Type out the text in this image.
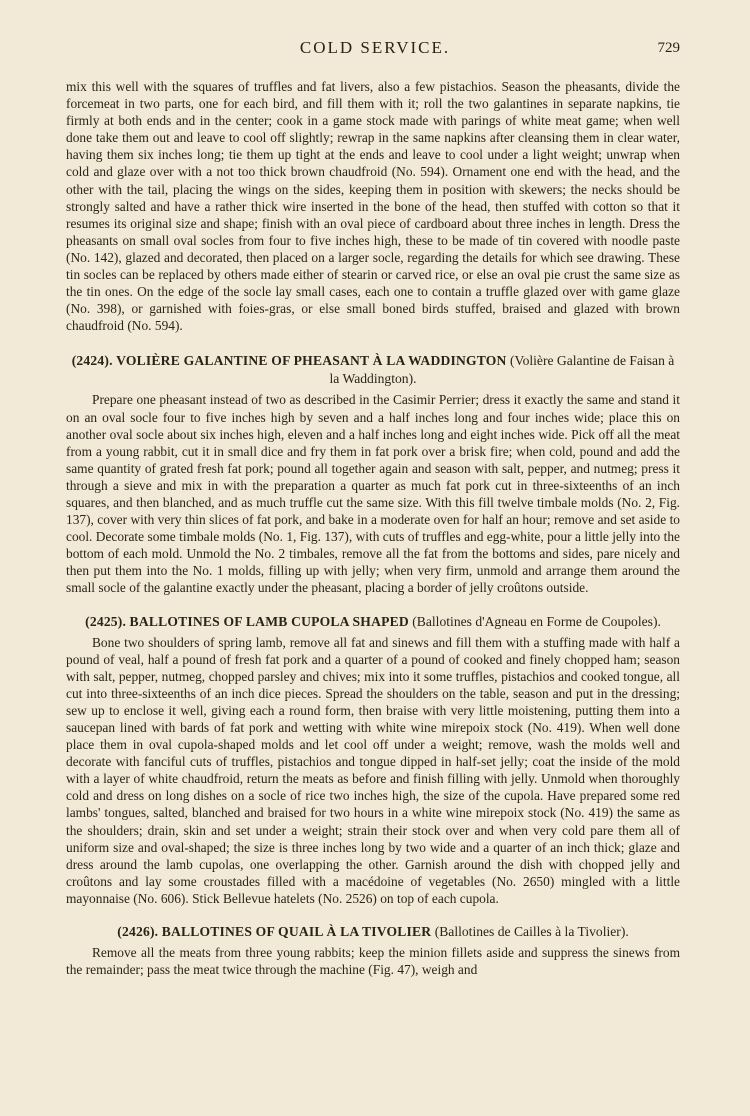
COLD SERVICE.	729

mix this well with the squares of truffles and fat livers, also a few pistachios. Season the pheasants, divide the forcemeat in two parts, one for each bird, and fill them with it; roll the two galantines in separate napkins, tie firmly at both ends and in the center; cook in a game stock made with parings of white meat game; when well done take them out and leave to cool off slightly; rewrap in the same napkins after cleansing them in clear water, having them six inches long; tie them up tight at the ends and leave to cool under a light weight; unwrap when cold and glaze over with a not too thick brown chaudfroid (No. 594). Ornament one end with the head, and the other with the tail, placing the wings on the sides, keeping them in position with skewers; the necks should be strongly salted and have a rather thick wire inserted in the bone of the head, then stuffed with cotton so that it resumes its original size and shape; finish with an oval piece of cardboard about three inches in length. Dress the pheasants on small oval socles from four to five inches high, these to be made of tin covered with noodle paste (No. 142), glazed and decorated, then placed on a larger socle, regarding the details for which see drawing. These tin socles can be replaced by others made either of stearin or carved rice, or else an oval pie crust the same size as the tin ones. On the edge of the socle lay small cases, each one to contain a truffle glazed over with game glaze (No. 398), or garnished with foies-gras, or else small boned birds stuffed, braised and glazed with brown chaudfroid (No. 594).

(2424). VOLIÈRE GALANTINE OF PHEASANT À LA WADDINGTON (Volière Galantine de Faisan à la Waddington).

Prepare one pheasant instead of two as described in the Casimir Perrier; dress it exactly the same and stand it on an oval socle four to five inches high by seven and a half inches long and four inches wide; place this on another oval socle about six inches high, eleven and a half inches long and eight inches wide. Pick off all the meat from a young rabbit, cut it in small dice and fry them in fat pork over a brisk fire; when cold, pound and add the same quantity of grated fresh fat pork; pound all together again and season with salt, pepper, and nutmeg; press it through a sieve and mix in with the preparation a quarter as much fat pork cut in three-sixteenths of an inch squares, and then blanched, and as much truffle cut the same size. With this fill twelve timbale molds (No. 2, Fig. 137), cover with very thin slices of fat pork, and bake in a moderate oven for half an hour; remove and set aside to cool. Decorate some timbale molds (No. 1, Fig. 137), with cuts of truffles and egg-white, pour a little jelly into the bottom of each mold. Unmold the No. 2 timbales, remove all the fat from the bottoms and sides, pare nicely and then put them into the No. 1 molds, filling up with jelly; when very firm, unmold and arrange them around the small socle of the galantine exactly under the pheasant, placing a border of jelly croûtons outside.

(2425). BALLOTINES OF LAMB CUPOLA SHAPED (Ballotines d'Agneau en Forme de Coupoles).

Bone two shoulders of spring lamb, remove all fat and sinews and fill them with a stuffing made with half a pound of veal, half a pound of fresh fat pork and a quarter of a pound of cooked and finely chopped ham; season with salt, pepper, nutmeg, chopped parsley and chives; mix into it some truffles, pistachios and cooked tongue, all cut into three-sixteenths of an inch dice pieces. Spread the shoulders on the table, season and put in the dressing; sew up to enclose it well, giving each a round form, then braise with very little moistening, putting them into a saucepan lined with bards of fat pork and wetting with white wine mirepoix stock (No. 419). When well done place them in oval cupola-shaped molds and let cool off under a weight; remove, wash the molds well and decorate with fanciful cuts of truffles, pistachios and tongue dipped in half-set jelly; coat the inside of the mold with a layer of white chaudfroid, return the meats as before and finish filling with jelly. Unmold when thoroughly cold and dress on long dishes on a socle of rice two inches high, the size of the cupola. Have prepared some red lambs' tongues, salted, blanched and braised for two hours in a white wine mirepoix stock (No. 419) the same as the shoulders; drain, skin and set under a weight; strain their stock over and when very cold pare them all of uniform size and oval-shaped; the size is three inches long by two wide and a quarter of an inch thick; glaze and dress around the lamb cupolas, one overlapping the other. Garnish around the dish with chopped jelly and croûtons and lay some croustades filled with a macédoine of vegetables (No. 2650) mingled with a little mayonnaise (No. 606). Stick Bellevue hatelets (No. 2526) on top of each cupola.

(2426). BALLOTINES OF QUAIL À LA TIVOLIER (Ballotines de Cailles à la Tivolier).

Remove all the meats from three young rabbits; keep the minion fillets aside and suppress the sinews from the remainder; pass the meat twice through the machine (Fig. 47), weigh and
